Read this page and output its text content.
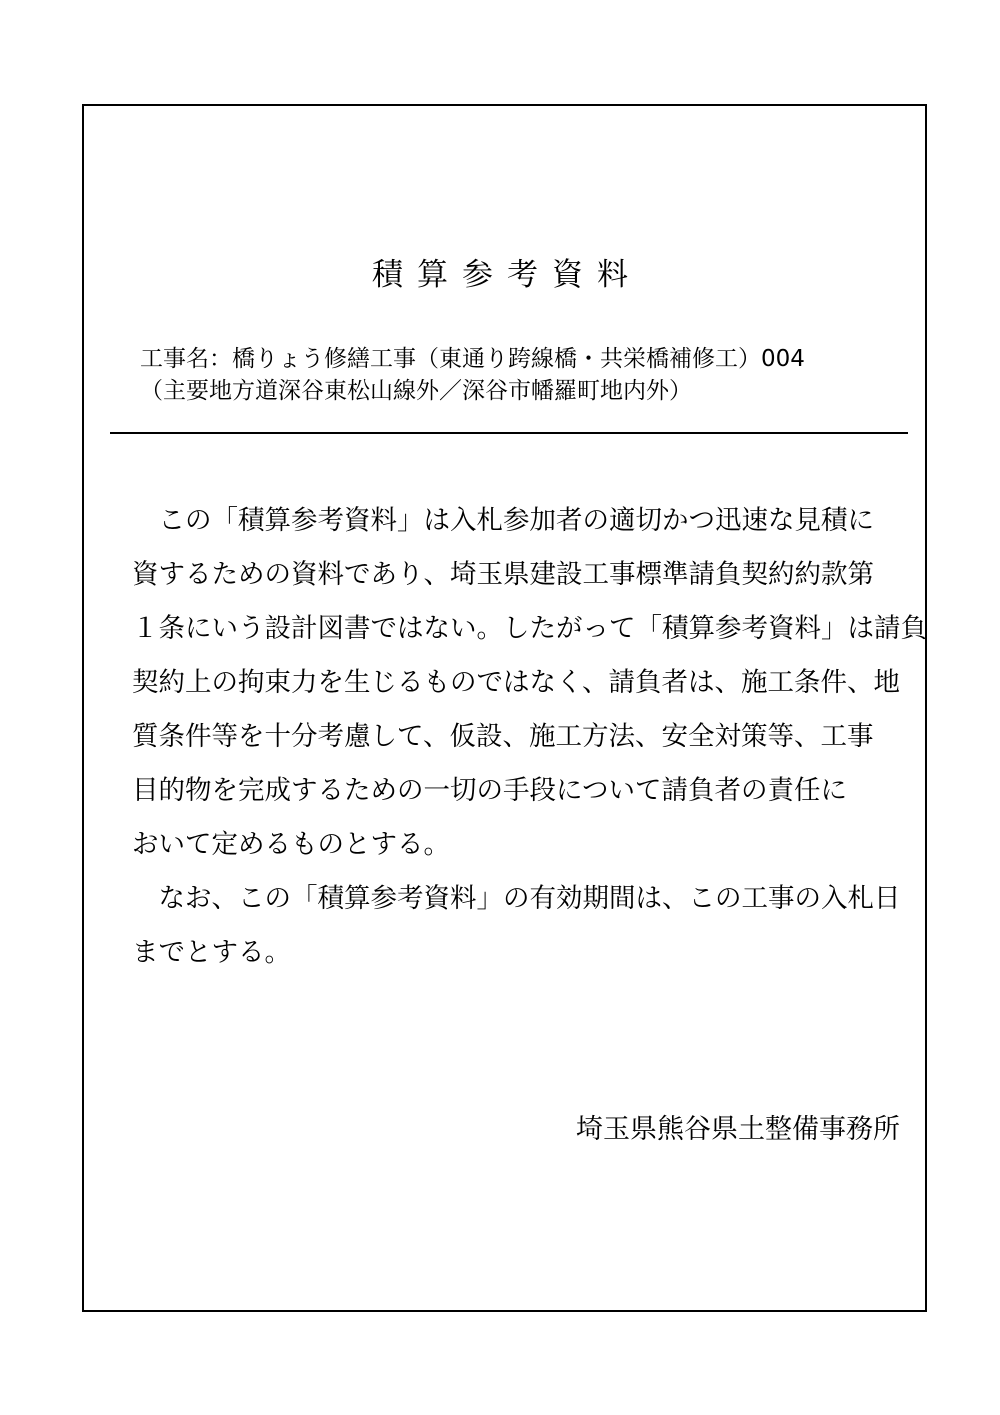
積算参考資料
工事名：橋りょう修繕工事（東通り跨線橋・共栄橋補修工）004
（主要地方道深谷東松山線外／深谷市幡羅町地内外）
　この「積算参考資料」は入札参加者の適切かつ迅速な見積に
資するための資料であり、埼玉県建設工事標準請負契約約款第
１条にいう設計図書ではない。したがって「積算参考資料」は請負
契約上の拘束力を生じるものではなく、請負者は、施工条件、地
質条件等を十分考慮して、仮設、施工方法、安全対策等、工事
目的物を完成するための一切の手段について請負者の責任に
おいて定めるものとする。
　なお、この「積算参考資料」の有効期間は、この工事の入札日
までとする。
埼玉県熊谷県土整備事務所
